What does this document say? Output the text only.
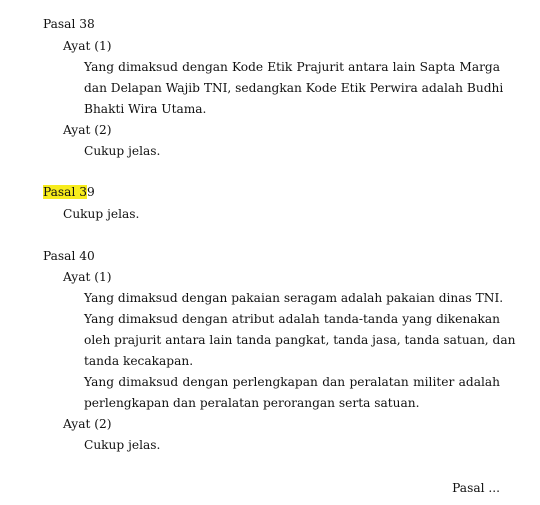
Pasal 38
Ayat (1)
Yang dimaksud dengan Kode Etik Prajurit antara lain Sapta Marga
dan Delapan Wajib TNI, sedangkan Kode Etik Perwira adalah Budhi
Bhakti Wira Utama.
Ayat (2)
Cukup jelas.
Pasal 39
Cukup jelas.
Pasal 40
Ayat (1)
Yang dimaksud dengan pakaian seragam adalah pakaian dinas TNI.
Yang dimaksud dengan atribut adalah tanda-tanda yang dikenakan
oleh prajurit antara lain tanda pangkat, tanda jasa, tanda satuan, dan
tanda kecakapan.
Yang dimaksud dengan perlengkapan dan peralatan militer adalah
perlengkapan dan peralatan perorangan serta satuan.
Ayat (2)
Cukup jelas.
Pasal ...
